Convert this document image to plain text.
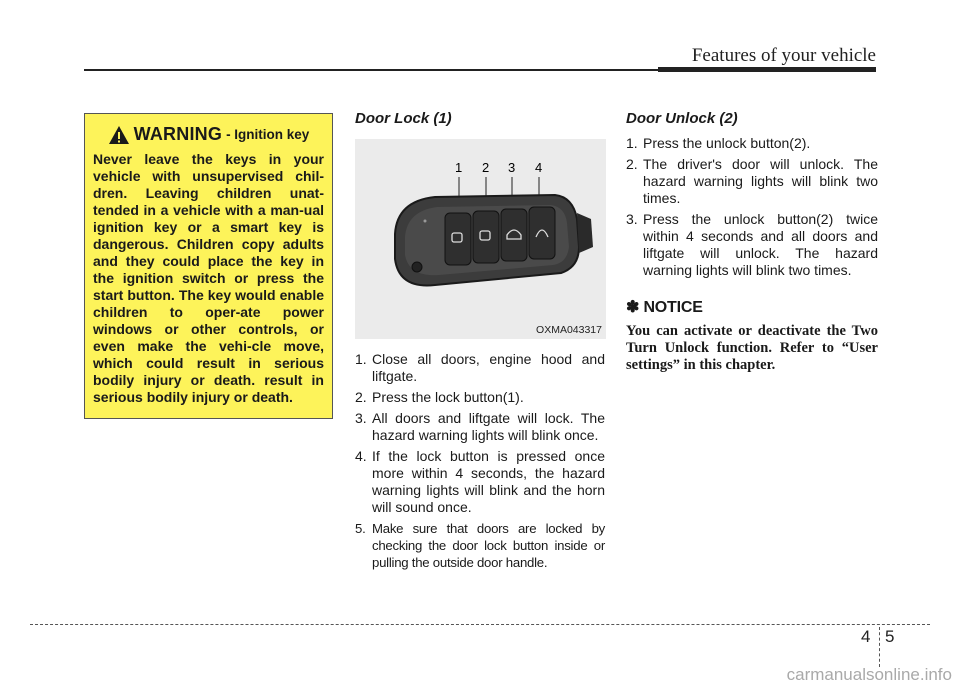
Features of your vehicle
WARNING - Ignition key
Never leave the keys in your vehicle with unsupervised chil-dren. Leaving children unat-tended in a vehicle with a man-ual ignition key or a smart key is dangerous. Children copy adults and they could place the key in the ignition switch or press the start button. The key would enable children to oper-ate power windows or other controls, or even make the vehi-cle move, which could result in serious bodily injury or death. result in serious bodily injury or death.
Door Lock (1)
1 2 3 4
OXMA043317
1. Close all doors, engine hood and liftgate.
2. Press the lock button(1).
3. All doors and liftgate will lock. The hazard warning lights will blink once.
4. If the lock button is pressed once more within 4 seconds, the hazard warning lights will blink and the horn will sound once.
5. Make sure that doors are locked by checking the door lock button inside or pulling the outside door handle.
Door Unlock (2)
1. Press the unlock button(2).
2. The driver's door will unlock. The hazard warning lights will blink two times.
3. Press the unlock button(2) twice within 4 seconds and all doors and liftgate will unlock. The hazard warning lights will blink two times.
✽ NOTICE
You can activate or deactivate the Two Turn Unlock function. Refer to “User settings” in this chapter.
4 5
carmanualsonline.info
